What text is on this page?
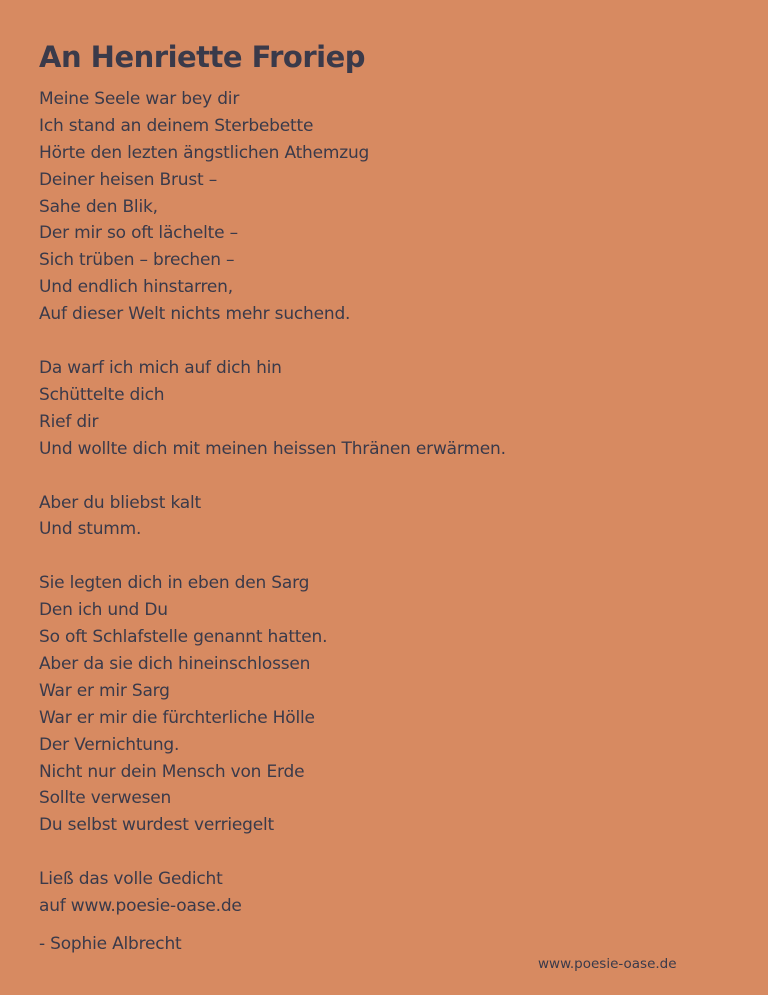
An Henriette Froriep
Meine Seele war bey dir
Ich stand an deinem Sterbebette
Hörte den lezten ängstlichen Athemzug
Deiner heisen Brust –
Sahe den Blik,
Der mir so oft lächelte –
Sich trüben – brechen –
Und endlich hinstarren,
Auf dieser Welt nichts mehr suchend.
Da warf ich mich auf dich hin
Schüttelte dich
Rief dir
Und wollte dich mit meinen heissen Thränen erwärmen.
Aber du bliebst kalt
Und stumm.
Sie legten dich in eben den Sarg
Den ich und Du
So oft Schlafstelle genannt hatten.
Aber da sie dich hineinschlossen
War er mir Sarg
War er mir die fürchterliche Hölle
Der Vernichtung.
Nicht nur dein Mensch von Erde
Sollte verwesen
Du selbst wurdest verriegelt
Ließ das volle Gedicht
auf www.poesie-oase.de
- Sophie Albrecht
www.poesie-oase.de
